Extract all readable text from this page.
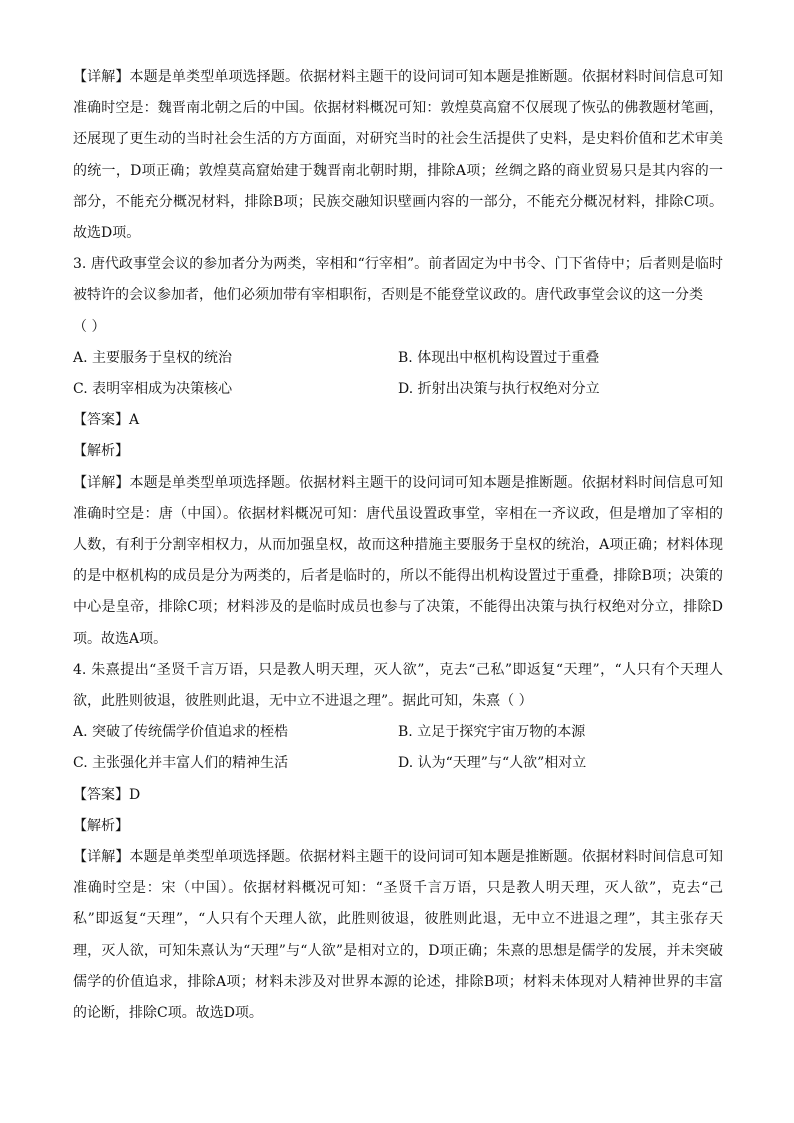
【详解】本题是单类型单项选择题。依据材料主题干的设问词可知本题是推断题。依据材料时间信息可知准确时空是：魏晋南北朝之后的中国。依据材料概况可知：敦煌莫高窟不仅展现了恢弘的佛教题材笔画，还展现了更生动的当时社会生活的方方面面，对研究当时的社会生活提供了史料，是史料价值和艺术审美的统一，D项正确；敦煌莫高窟始建于魏晋南北朝时期，排除A项；丝绸之路的商业贸易只是其内容的一部分，不能充分概况材料，排除B项；民族交融知识壁画内容的一部分，不能充分概况材料，排除C项。故选D项。

3. 唐代政事堂会议的参加者分为两类，宰相和“行宰相”。前者固定为中书令、门下省侍中；后者则是临时被特许的会议参加者，他们必须加带有宰相职衔，否则是不能登堂议政的。唐代政事堂会议的这一分类

（ ）

A. 主要服务于皇权的统治	B. 体现出中枢机构设置过于重叠
C. 表明宰相成为决策核心	D. 折射出决策与执行权绝对分立

【答案】A

【解析】

【详解】本题是单类型单项选择题。依据材料主题干的设问词可知本题是推断题。依据材料时间信息可知准确时空是：唐（中国）。依据材料概况可知：唐代虽设置政事堂，宰相在一齐议政，但是增加了宰相的人数，有利于分割宰相权力，从而加强皇权，故而这种措施主要服务于皇权的统治，A项正确；材料体现的是中枢机构的成员是分为两类的，后者是临时的，所以不能得出机构设置过于重叠，排除B项；决策的中心是皇帝，排除C项；材料涉及的是临时成员也参与了决策，不能得出决策与执行权绝对分立，排除D项。故选A项。

4. 朱熹提出“圣贤千言万语，只是教人明天理，灭人欲”，克去“己私”即返复“天理”，“人只有个天理人欲，此胜则彼退，彼胜则此退，无中立不进退之理”。据此可知，朱熹（ ）

A. 突破了传统儒学价值追求的桎梏	B. 立足于探究宇宙万物的本源
C. 主张强化并丰富人们的精神生活	D. 认为“天理”与“人欲”相对立

【答案】D

【解析】

【详解】本题是单类型单项选择题。依据材料主题干的设问词可知本题是推断题。依据材料时间信息可知准确时空是：宋（中国）。依据材料概况可知：“圣贤千言万语，只是教人明天理，灭人欲”，克去“己私”即返复“天理”，“人只有个天理人欲，此胜则彼退，彼胜则此退，无中立不进退之理”，其主张存天理，灭人欲，可知朱熹认为“天理”与“人欲”是相对立的，D项正确；朱熹的思想是儒学的发展，并未突破儒学的价值追求，排除A项；材料未涉及对世界本源的论述，排除B项；材料未体现对人精神世界的丰富的论断，排除C项。故选D项。
